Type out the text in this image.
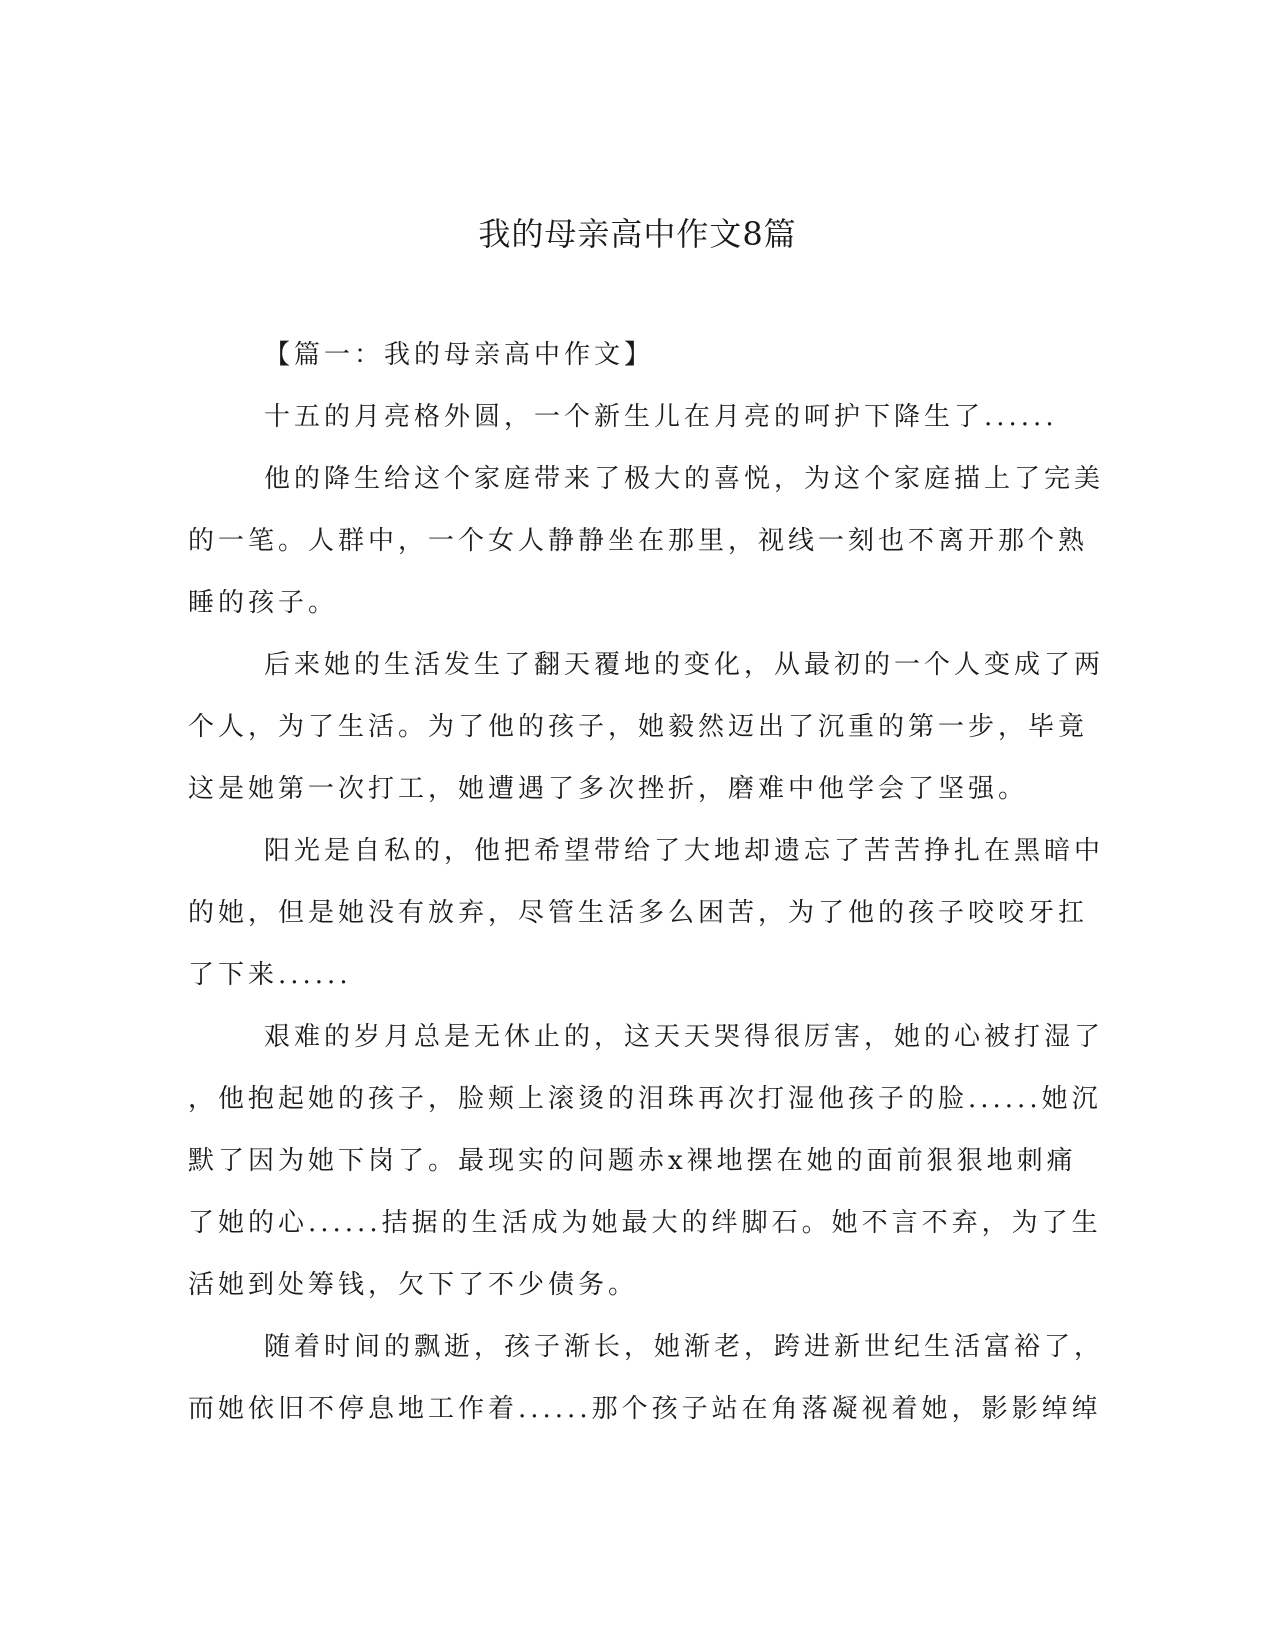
我的母亲高中作文8篇
【篇一：我的母亲高中作文】
十五的月亮格外圆，一个新生儿在月亮的呵护下降生了......
他的降生给这个家庭带来了极大的喜悦，为这个家庭描上了完美
的一笔。人群中，一个女人静静坐在那里，视线一刻也不离开那个熟
睡的孩子。
后来她的生活发生了翻天覆地的变化，从最初的一个人变成了两
个人，为了生活。为了他的孩子，她毅然迈出了沉重的第一步，毕竟
这是她第一次打工，她遭遇了多次挫折，磨难中他学会了坚强。
阳光是自私的，他把希望带给了大地却遗忘了苦苦挣扎在黑暗中
的她，但是她没有放弃，尽管生活多么困苦，为了他的孩子咬咬牙扛
了下来......
艰难的岁月总是无休止的，这天天哭得很厉害，她的心被打湿了
，他抱起她的孩子，脸颊上滚烫的泪珠再次打湿他孩子的脸......她沉
默了因为她下岗了。最现实的问题赤x裸地摆在她的面前狠狠地刺痛
了她的心......拮据的生活成为她最大的绊脚石。她不言不弃，为了生
活她到处筹钱，欠下了不少债务。
随着时间的飘逝，孩子渐长，她渐老，跨进新世纪生活富裕了，
而她依旧不停息地工作着......那个孩子站在角落凝视着她，影影绰绰
